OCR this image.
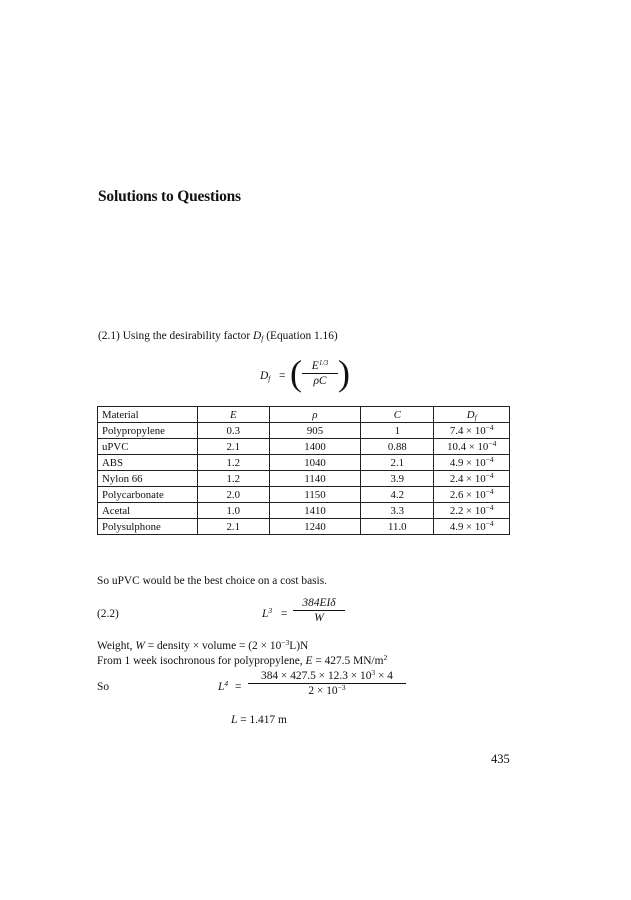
Solutions to Questions
(2.1) Using the desirability factor $D_f$ (Equation 1.16)
$D_f$ = ( $E^{1/3}$
ρC )
Material	E	ρ	C	$D_f$
Polypropylene	0.3	905	1	$7.4 \times 10^{-4}$
uPVC	2.1	1400	0.88	$10.4 \times 10^{-4}$
ABS	1.2	1040	2.1	$4.9 \times 10^{-4}$
Nylon 66	1.2	1140	3.9	$2.4 \times 10^{-4}$
Polycarbonate	2.0	1150	4.2	$2.6 \times 10^{-4}$
Acetal	1.0	1410	3.3	$2.2 \times 10^{-4}$
Polysulphone	2.1	1240	11.0	$4.9 \times 10^{-4}$
So uPVC would be the best choice on a cost basis.
(2.2)	$L^3$ =
384EIδ
W
Weight, W = density × volume = $(2 \times 10^{-3}L)N$
From 1 week isochronous for polypropylene, E = 427.5 $MN/m^2$
So	$L^4$ =
$384 \times 427.5 \times 12.3 \times 10^3 \times 4$
$2 \times 10^{-3}$
L = 1.417 m
435
